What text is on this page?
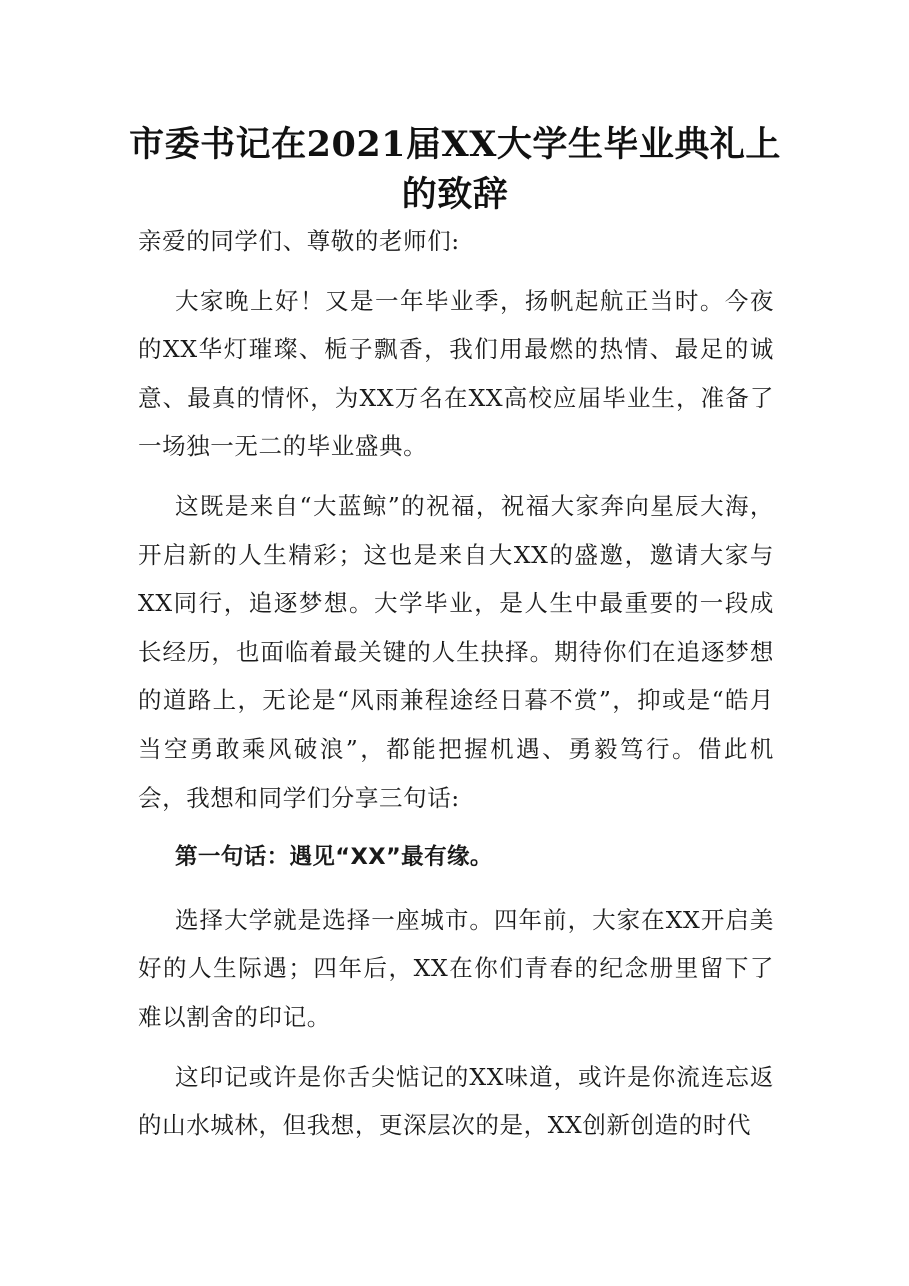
市委书记在2021届XX大学生毕业典礼上的致辞

亲爱的同学们、尊敬的老师们:

大家晚上好！又是一年毕业季，扬帆起航正当时。今夜的XX华灯璀璨、栀子飘香，我们用最燃的热情、最足的诚意、最真的情怀，为XX万名在XX高校应届毕业生，准备了一场独一无二的毕业盛典。

这既是来自“大蓝鲸”的祝福，祝福大家奔向星辰大海，开启新的人生精彩；这也是来自大XX的盛邀，邀请大家与XX同行，追逐梦想。大学毕业，是人生中最重要的一段成长经历，也面临着最关键的人生抉择。期待你们在追逐梦想的道路上，无论是“风雨兼程途经日暮不赏”，抑或是“皓月当空勇敢乘风破浪”，都能把握机遇、勇毅笃行。借此机会，我想和同学们分享三句话:

第一句话：遇见“XX”最有缘。

选择大学就是选择一座城市。四年前，大家在XX开启美好的人生际遇；四年后，XX在你们青春的纪念册里留下了难以割舍的印记。

这印记或许是你舌尖惦记的XX味道，或许是你流连忘返的山水城林，但我想，更深层次的是，XX创新创造的时代
